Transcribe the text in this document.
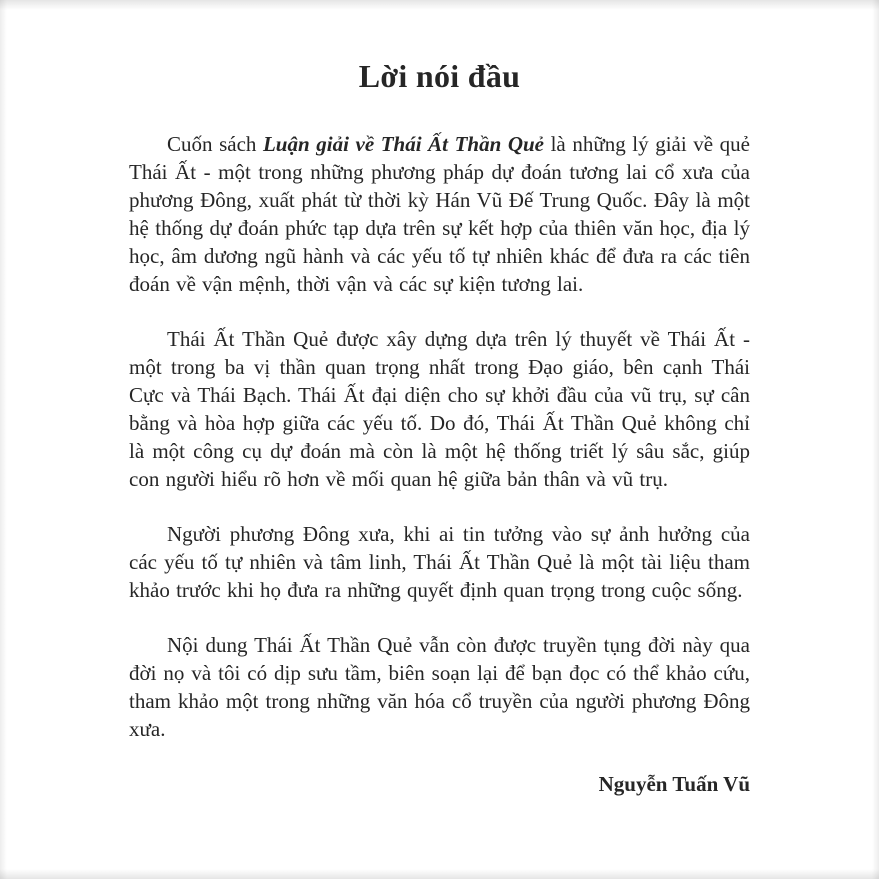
Lời nói đầu

Cuốn sách Luận giải về Thái Ất Thần Quẻ là những lý giải về quẻ Thái Ất - một trong những phương pháp dự đoán tương lai cổ xưa của phương Đông, xuất phát từ thời kỳ Hán Vũ Đế Trung Quốc. Đây là một hệ thống dự đoán phức tạp dựa trên sự kết hợp của thiên văn học, địa lý học, âm dương ngũ hành và các yếu tố tự nhiên khác để đưa ra các tiên đoán về vận mệnh, thời vận và các sự kiện tương lai.

Thái Ất Thần Quẻ được xây dựng dựa trên lý thuyết về Thái Ất - một trong ba vị thần quan trọng nhất trong Đạo giáo, bên cạnh Thái Cực và Thái Bạch. Thái Ất đại diện cho sự khởi đầu của vũ trụ, sự cân bằng và hòa hợp giữa các yếu tố. Do đó, Thái Ất Thần Quẻ không chỉ là một công cụ dự đoán mà còn là một hệ thống triết lý sâu sắc, giúp con người hiểu rõ hơn về mối quan hệ giữa bản thân và vũ trụ.

Người phương Đông xưa, khi ai tin tưởng vào sự ảnh hưởng của các yếu tố tự nhiên và tâm linh, Thái Ất Thần Quẻ là một tài liệu tham khảo trước khi họ đưa ra những quyết định quan trọng trong cuộc sống.

Nội dung Thái Ất Thần Quẻ vẫn còn được truyền tụng đời này qua đời nọ và tôi có dịp sưu tầm, biên soạn lại để bạn đọc có thể khảo cứu, tham khảo một trong những văn hóa cổ truyền của người phương Đông xưa.

Nguyễn Tuấn Vũ
